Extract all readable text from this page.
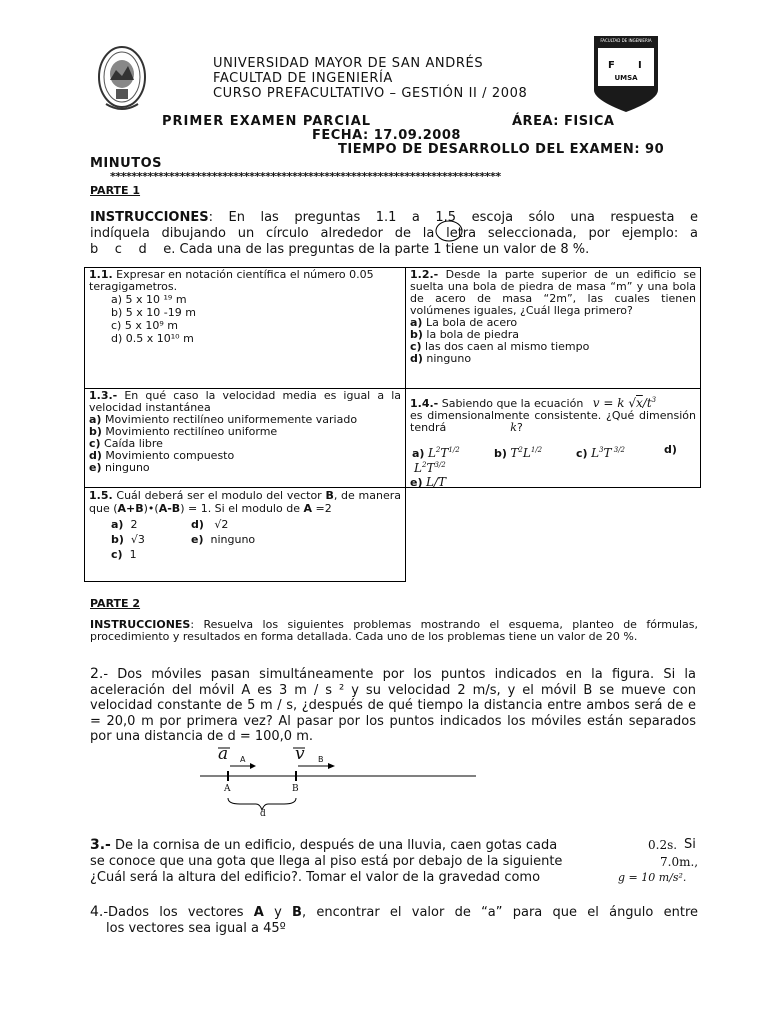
UNIVERSIDAD MAYOR DE SAN ANDRÉS
FACULTAD DE INGENIERÍA
CURSO PREFACULTATIVO – GESTIÓN II / 2008
FACULTAD DE INGENIERIA
F I
UMSA
PRIMER EXAMEN PARCIAL	ÁREA: FISICA
FECHA: 17.09.2008
TIEMPO DE DESARROLLO DEL EXAMEN: 90
MINUTOS
*************************************************************************
PARTE 1
INSTRUCCIONES: En las preguntas 1.1 a 1.5 escoja sólo una respuesta e
indíquela dibujando un círculo alrededor de la letra seleccionada, por ejemplo: a
b    c    d    e. Cada una de las preguntas de la parte 1 tiene un valor de 8 %.
1.1. Expresar en notación científica el número 0.05 teragigametros.
a) 5 x 10 ¹⁹ m
b) 5 x 10 -19 m
c) 5 x 10⁹ m
d) 0.5 x 10¹⁰ m
1.2.- Desde la parte superior de un edificio se suelta una bola de piedra de masa “m” y una bola de acero de masa “2m”, las cuales tienen volúmenes iguales, ¿Cuál llega primero?
a) La bola de acero
b) la bola de piedra
c) las dos caen al mismo tiempo
d) ninguno
1.3.- En qué caso la velocidad media es igual a la velocidad instantánea
a) Movimiento rectilíneo uniformemente variado
b) Movimiento rectilíneo uniforme
c) Caída libre
d) Movimiento compuesto
e) ninguno
1.4.- Sabiendo que la ecuación v = k $√x/t^3$
es dimensionalmente consistente. ¿Qué dimensión tendrá	k?
a) $L^2T^{1/2}$	b) $T^2L^{1/2}$	c) $L^3T$ $^{3/2}$	d)
$L^2T^{3/2}$
e) L/T
1.5. Cuál deberá ser el modulo del vector B, de manera que (A+B)•(A-B) = 1. Si el modulo de A =2
a) 2	d) √2
b) √3	e) ninguno
c) 1
PARTE 2
INSTRUCCIONES: Resuelva los siguientes problemas mostrando el esquema, planteo de fórmulas, procedimiento y resultados en forma detallada. Cada uno de los problemas tiene un valor de 20 %.
2.- Dos móviles pasan simultáneamente por los puntos indicados en la figura. Si la aceleración del móvil A es 3 m / s ² y su velocidad 2 m/s, y el móvil B se mueve con velocidad constante de 5 m / s, ¿después de qué tiempo la distancia entre ambos será de e = 20,0 m por primera vez? Al pasar por los puntos indicados los móviles están separados por una distancia de d = 100,0 m.
a A	v B
A	B
d
3.- De la cornisa de un edificio, después de una lluvia, caen gotas cada	0.2s. Si
se conoce que una gota que llega al piso está por debajo de la siguiente	7.0m.,
¿Cuál será la altura del edificio?. Tomar el valor de la gravedad como	g = 10 m/s².
4.-Dados los vectores A y B, encontrar el valor de “a” para que el ángulo entre
los vectores sea igual a 45º
